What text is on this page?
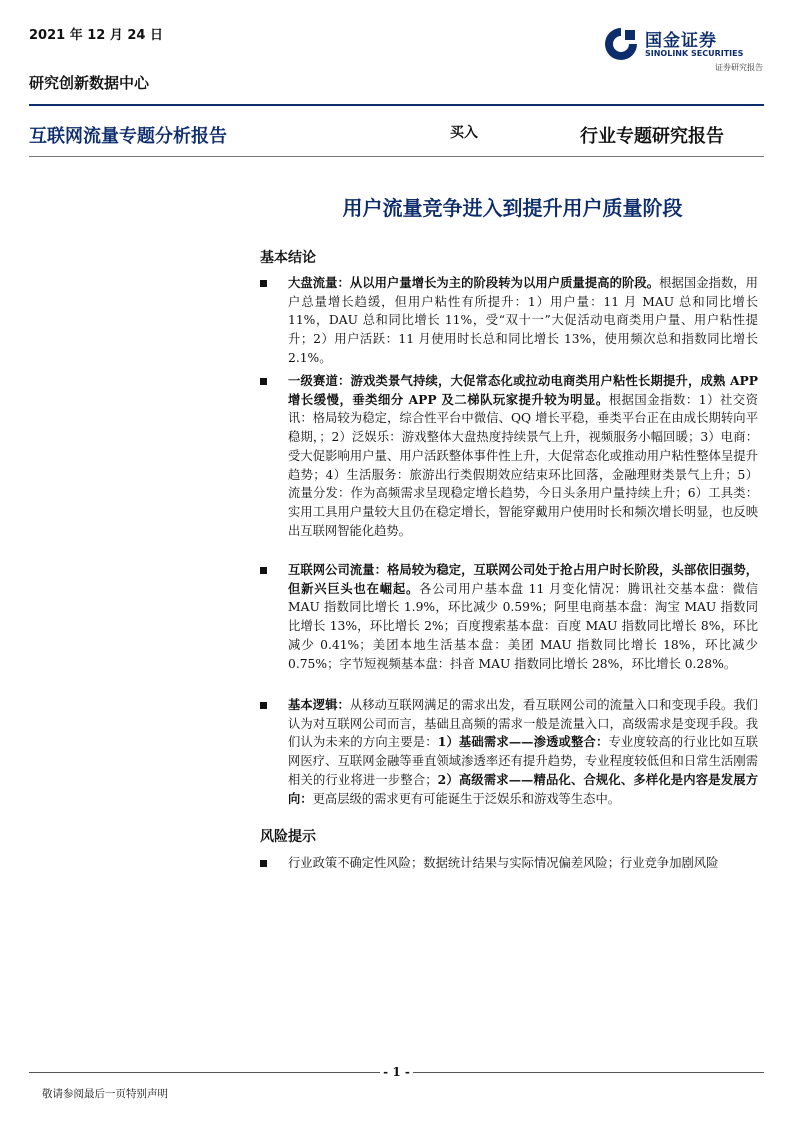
2021 年 12 月 24 日
研究创新数据中心
国金证券
SINOLINK SECURITIES
证券研究报告
互联网流量专题分析报告	买入	行业专题研究报告
用户流量竞争进入到提升用户质量阶段
基本结论
大盘流量：从以用户量增长为主的阶段转为以用户质量提高的阶段。根据国金指数，用户总量增长趋缓，但用户粘性有所提升：1）用户量：11 月 MAU 总和同比增长 11%，DAU 总和同比增长 11%，受“双十一”大促活动电商类用户量、用户粘性提升；2）用户活跃：11 月使用时长总和同比增长 13%，使用频次总和指数同比增长 2.1%。
一级赛道：游戏类景气持续，大促常态化或拉动电商类用户粘性长期提升，成熟 APP 增长缓慢，垂类细分 APP 及二梯队玩家提升较为明显。根据国金指数：1）社交资讯：格局较为稳定，综合性平台中微信、QQ 增长平稳，垂类平台正在由成长期转向平稳期，；2）泛娱乐：游戏整体大盘热度持续景气上升，视频服务小幅回暖；3）电商：受大促影响用户量、用户活跃整体事件性上升，大促常态化或推动用户粘性整体呈提升趋势；4）生活服务：旅游出行类假期效应结束环比回落，金融理财类景气上升；5）流量分发：作为高频需求呈现稳定增长趋势，今日头条用户量持续上升；6）工具类：实用工具用户量较大且仍在稳定增长，智能穿戴用户使用时长和频次增长明显，也反映出互联网智能化趋势。
互联网公司流量：格局较为稳定，互联网公司处于抢占用户时长阶段，头部依旧强势，但新兴巨头也在崛起。各公司用户基本盘 11 月变化情况：腾讯社交基本盘：微信 MAU 指数同比增长 1.9%，环比减少 0.59%；阿里电商基本盘：淘宝 MAU 指数同比增长 13%，环比增长 2%；百度搜索基本盘：百度 MAU 指数同比增长 8%，环比减少 0.41%；美团本地生活基本盘：美团 MAU 指数同比增长 18%，环比减少 0.75%；字节短视频基本盘：抖音 MAU 指数同比增长 28%，环比增长 0.28%。
基本逻辑：从移动互联网满足的需求出发，看互联网公司的流量入口和变现手段。我们认为对互联网公司而言，基础且高频的需求一般是流量入口，高级需求是变现手段。我们认为未来的方向主要是：1）基础需求——渗透或整合：专业度较高的行业比如互联网医疗、互联网金融等垂直领域渗透率还有提升趋势，专业程度较低但和日常生活刚需相关的行业将进一步整合；2）高级需求——精品化、合规化、多样化是内容是发展方向：更高层级的需求更有可能诞生于泛娱乐和游戏等生态中。
风险提示
行业政策不确定性风险；数据统计结果与实际情况偏差风险；行业竞争加剧风险
- 1 -
敬请参阅最后一页特别声明
